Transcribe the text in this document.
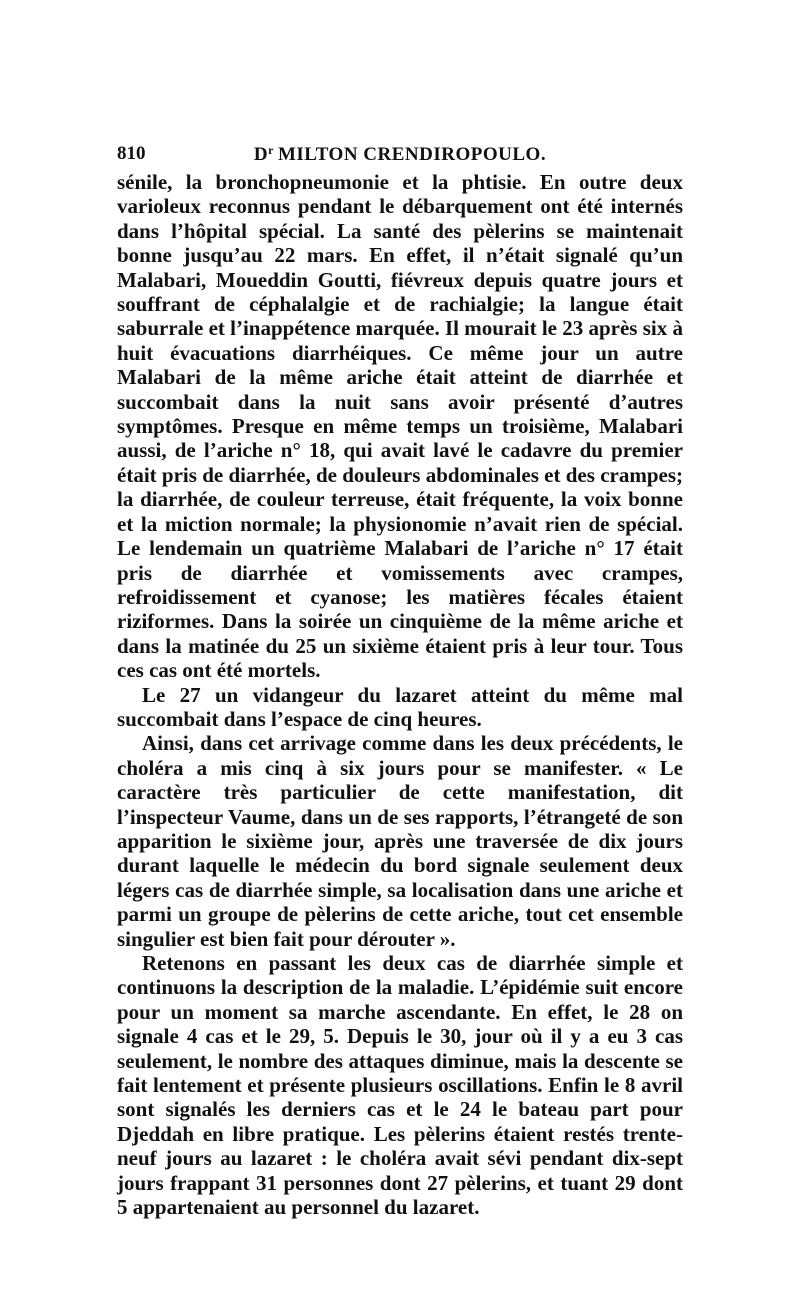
810	$D^r$ MILTON CRENDIROPOULO.

sénile, la bronchopneumonie et la phtisie. En outre deux varioleux reconnus pendant le débarquement ont été internés dans l’hôpital spécial. La santé des pèlerins se maintenait bonne jusqu’au 22 mars. En effet, il n’était signalé qu’un Malabari, Moueddin Goutti, fiévreux depuis quatre jours et souffrant de céphalalgie et de rachialgie; la langue était saburrale et l’inappétence marquée. Il mourait le 23 après six à huit évacuations diarrhéiques. Ce même jour un autre Malabari de la même ariche était atteint de diarrhée et succombait dans la nuit sans avoir présenté d’autres symptômes. Presque en même temps un troisième, Malabari aussi, de l’ariche n° 18, qui avait lavé le cadavre du premier était pris de diarrhée, de douleurs abdominales et des crampes; la diarrhée, de couleur terreuse, était fréquente, la voix bonne et la miction normale; la physionomie n’avait rien de spécial. Le lendemain un quatrième Malabari de l’ariche n° 17 était pris de diarrhée et vomissements avec crampes, refroidissement et cyanose; les matières fécales étaient riziformes. Dans la soirée un cinquième de la même ariche et dans la matinée du 25 un sixième étaient pris à leur tour. Tous ces cas ont été mortels.

Le 27 un vidangeur du lazaret atteint du même mal succombait dans l’espace de cinq heures.

Ainsi, dans cet arrivage comme dans les deux précédents, le choléra a mis cinq à six jours pour se manifester. « Le caractère très particulier de cette manifestation, dit l’inspecteur Vaume, dans un de ses rapports, l’étrangeté de son apparition le sixième jour, après une traversée de dix jours durant laquelle le médecin du bord signale seulement deux légers cas de diarrhée simple, sa localisation dans une ariche et parmi un groupe de pèlerins de cette ariche, tout cet ensemble singulier est bien fait pour dérouter ».

Retenons en passant les deux cas de diarrhée simple et continuons la description de la maladie. L’épidémie suit encore pour un moment sa marche ascendante. En effet, le 28 on signale 4 cas et le 29, 5. Depuis le 30, jour où il y a eu 3 cas seulement, le nombre des attaques diminue, mais la descente se fait lentement et présente plusieurs oscillations. Enfin le 8 avril sont signalés les derniers cas et le 24 le bateau part pour Djeddah en libre pratique. Les pèlerins étaient restés trente-neuf jours au lazaret : le choléra avait sévi pendant dix-sept jours frappant 31 personnes dont 27 pèlerins, et tuant 29 dont 5 appartenaient au personnel du lazaret.
